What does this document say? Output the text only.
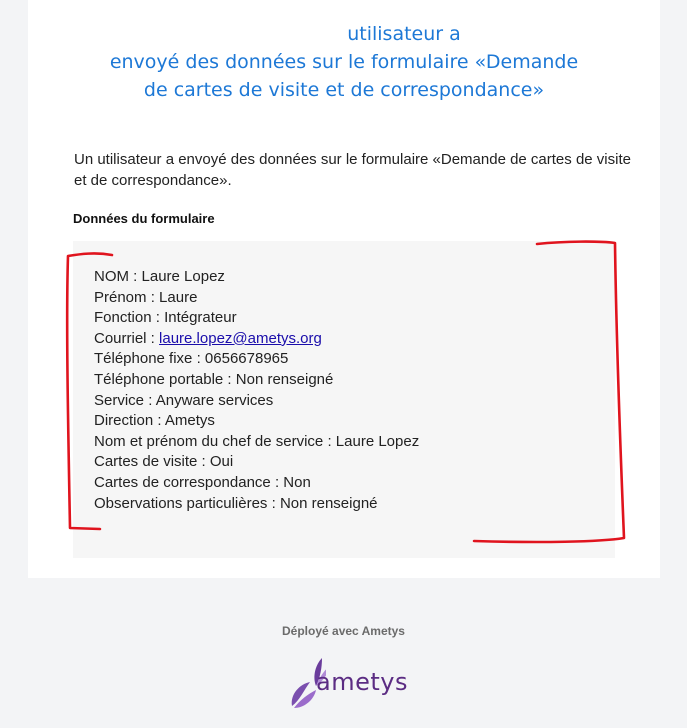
utilisateur a
envoyé des données sur le formulaire «Demande
de cartes de visite et de correspondance»
Un utilisateur a envoyé des données sur le formulaire «Demande de cartes de visite et de correspondance».
Données du formulaire
NOM : Laure Lopez
Prénom : Laure
Fonction : Intégrateur
Courriel : laure.lopez@ametys.org
Téléphone fixe : 0656678965
Téléphone portable : Non renseigné
Service : Anyware services
Direction : Ametys
Nom et prénom du chef de service : Laure Lopez
Cartes de visite : Oui
Cartes de correspondance : Non
Observations particulières : Non renseigné
Déployé avec Ametys
ametys
